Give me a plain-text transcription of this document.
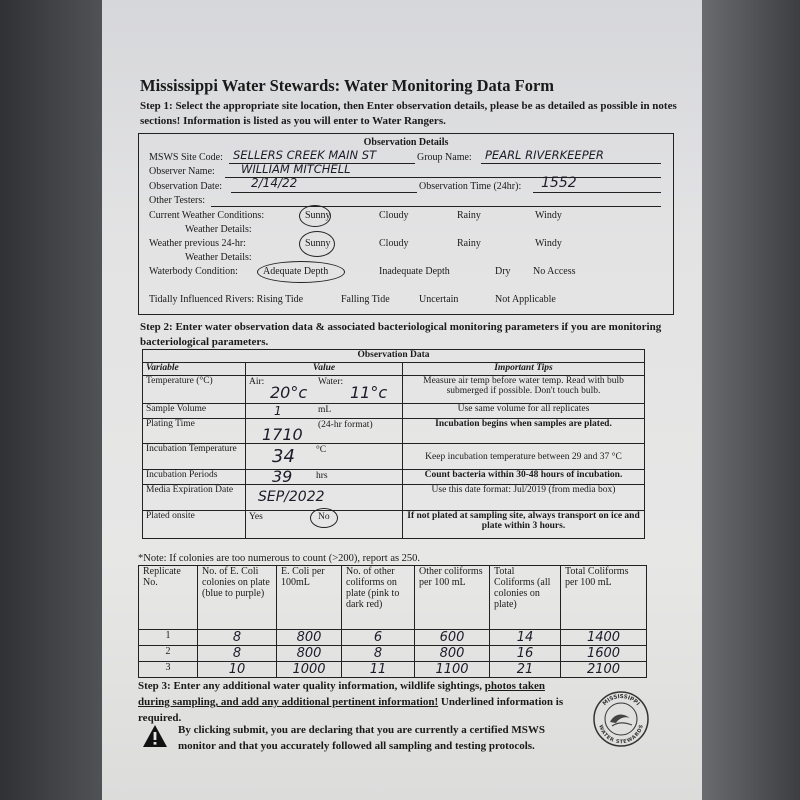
Mississippi Water Stewards: Water Monitoring Data Form
Step 1: Select the appropriate site location, then Enter observation details, please be as detailed as possible in notes sections! Information is listed as you will enter to Water Rangers.
Observation Details
MSWS Site Code: SELLERS CREEK MAIN ST	Group Name: PEARL RIVERKEEPER
Observer Name: WILLIAM MITCHELL
Observation Date: 2/14/22	Observation Time (24hr): 1552
Other Testers:
Current Weather Conditions:	Sunny	Cloudy	Rainy	Windy
Weather Details:
Weather previous 24-hr:	Sunny	Cloudy	Rainy	Windy
Weather Details:
Waterbody Condition:	Adequate Depth	Inadequate Depth	Dry No Access
Tidally Influenced Rivers: Rising Tide	Falling Tide	Uncertain	Not Applicable
Step 2: Enter water observation data & associated bacteriological monitoring parameters if you are monitoring bacteriological parameters.
Observation Data		
Variable	Value	Important Tips
Temperature (°C)	Air:
20°c
Water:
11°c	Measure air temp before water temp. Read with bulb submerged if possible. Don't touch bulb.
Sample Volume	1 mL	Use same volume for all replicates
Plating Time	1710 (24-hr format)	Incubation begins when samples are plated.
Incubation Temperature	34 °C	Keep incubation temperature between 29 and 37 °C
Incubation Periods	39 hrs	Count bacteria within 30-48 hours of incubation.
Media Expiration Date	SEP/2022	Use this date format: Jul/2019 (from media box)
Plated onsite	Yes No	If not plated at sampling site, always transport on ice and plate within 3 hours.
*Note: If colonies are too numerous to count (>200), report as 250.
Replicate No.	No. of E. Coli colonies on plate (blue to purple)	E. Coli per 100mL	No. of other coliforms on plate (pink to dark red)	Other coliforms per 100 mL	Total Coliforms (all colonies on plate)	Total Coliforms per 100 mL
1	8	800	6	600	14	1400
2	8	800	8	800	16	1600
3	10	1000	11	1100	21	2100
Step 3: Enter any additional water quality information, wildlife sightings, photos taken during sampling, and add any additional pertinent information! Underlined information is required.
By clicking submit, you are declaring that you are currently a certified MSWS monitor and that you accurately followed all sampling and testing protocols.
MISSISSIPPI
WATER STEWARDS
